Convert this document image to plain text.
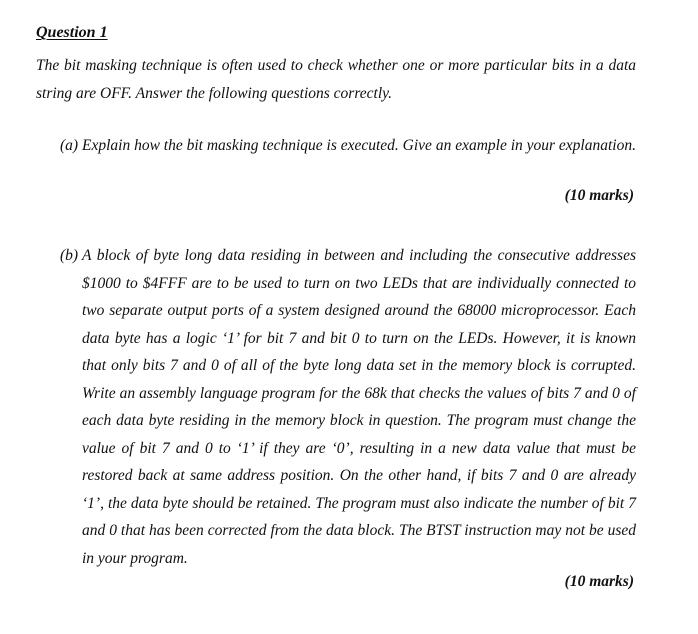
Question 1

The bit masking technique is often used to check whether one or more particular bits in a data string are OFF. Answer the following questions correctly.

(a) Explain how the bit masking technique is executed. Give an example in your explanation.

(10 marks)

(b) A block of byte long data residing in between and including the consecutive addresses $1000 to $4FFF are to be used to turn on two LEDs that are individually connected to two separate output ports of a system designed around the 68000 microprocessor. Each data byte has a logic ‘1’ for bit 7 and bit 0 to turn on the LEDs. However, it is known that only bits 7 and 0 of all of the byte long data set in the memory block is corrupted. Write an assembly language program for the 68k that checks the values of bits 7 and 0 of each data byte residing in the memory block in question. The program must change the value of bit 7 and 0 to ‘1’ if they are ‘0’, resulting in a new data value that must be restored back at same address position. On the other hand, if bits 7 and 0 are already ‘1’, the data byte should be retained. The program must also indicate the number of bit 7 and 0 that has been corrected from the data block. The BTST instruction may not be used in your program.

(10 marks)
